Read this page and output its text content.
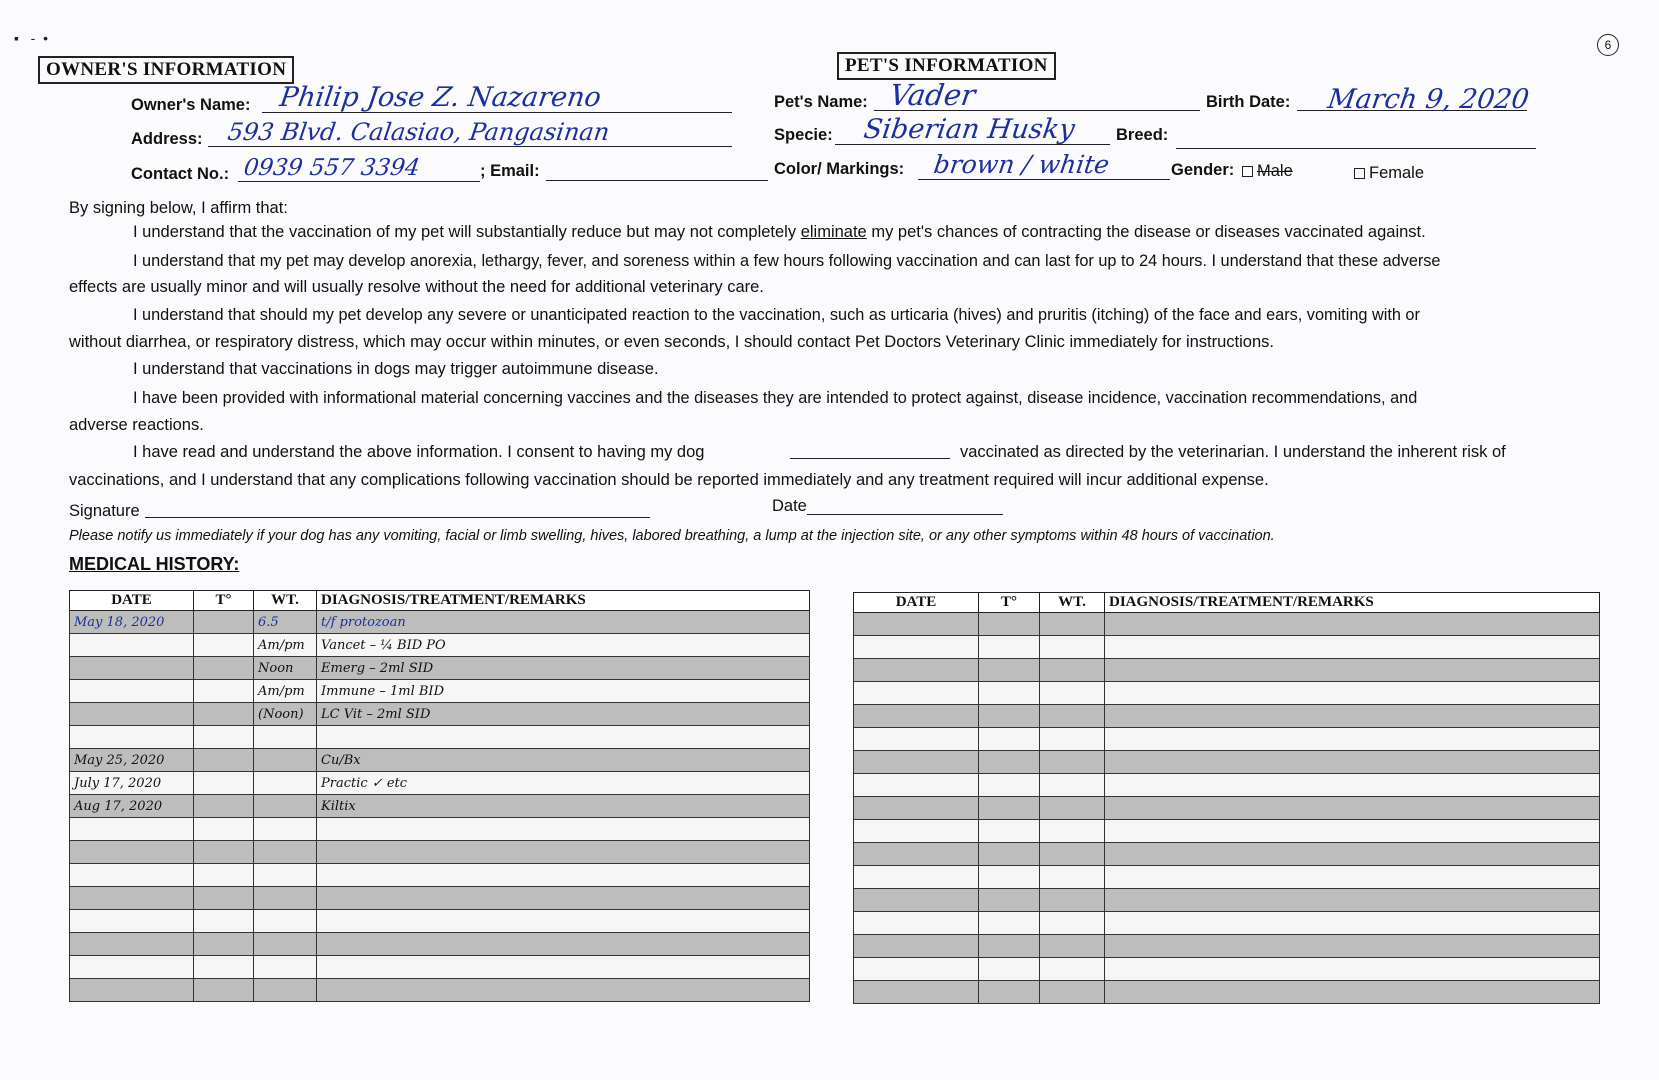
6
▪   ‐  •
OWNER'S INFORMATION
Owner's Name: Philip Jose Z. Nazareno
Address: 593 Blvd. Calasiao, Pangasinan
Contact No.: 0939 557 3394	; Email:
PET'S INFORMATION
Pet's Name: Vader	Birth Date: March 9, 2020
Specie: Siberian Husky Breed:
Color/ Markings: brown / white	Gender:	Male	Female
By signing below, I affirm that:
I understand that the vaccination of my pet will substantially reduce but may not completely eliminate my pet's chances of contracting the disease or diseases vaccinated against.
I understand that my pet may develop anorexia, lethargy, fever, and soreness within a few hours following vaccination and can last for up to 24 hours. I understand that these adverse
effects are usually minor and will usually resolve without the need for additional veterinary care.
I understand that should my pet develop any severe or unanticipated reaction to the vaccination, such as urticaria (hives) and pruritis (itching) of the face and ears, vomiting with or
without diarrhea, or respiratory distress, which may occur within minutes, or even seconds, I should contact Pet Doctors Veterinary Clinic immediately for instructions.
I understand that vaccinations in dogs may trigger autoimmune disease.
I have been provided with informational material concerning vaccines and the diseases they are intended to protect against, disease incidence, vaccination recommendations, and
adverse reactions.
I have read and understand the above information. I consent to having my dog	vaccinated as directed by the veterinarian. I understand the inherent risk of
vaccinations, and I understand that any complications following vaccination should be reported immediately and any treatment required will incur additional expense.
Signature	Date
Please notify us immediately if your dog has any vomiting, facial or limb swelling, hives, labored breathing, a lump at the injection site, or any other symptoms within 48 hours of vaccination.
MEDICAL HISTORY:
DATE	T°	WT.	DIAGNOSIS/TREATMENT/REMARKS
May 18, 2020		6.5	t/f protozoan
		Am/pm	Vancet – ¼ BID PO
		Noon	Emerg – 2ml SID
		Am/pm	Immune – 1ml BID
		(Noon)	LC Vit – 2ml SID

May 25, 2020			Cu/Bx
July 17, 2020			Practic ✓ etc
Aug 17, 2020			Kiltix

DATE	T°	WT.	DIAGNOSIS/TREATMENT/REMARKS
